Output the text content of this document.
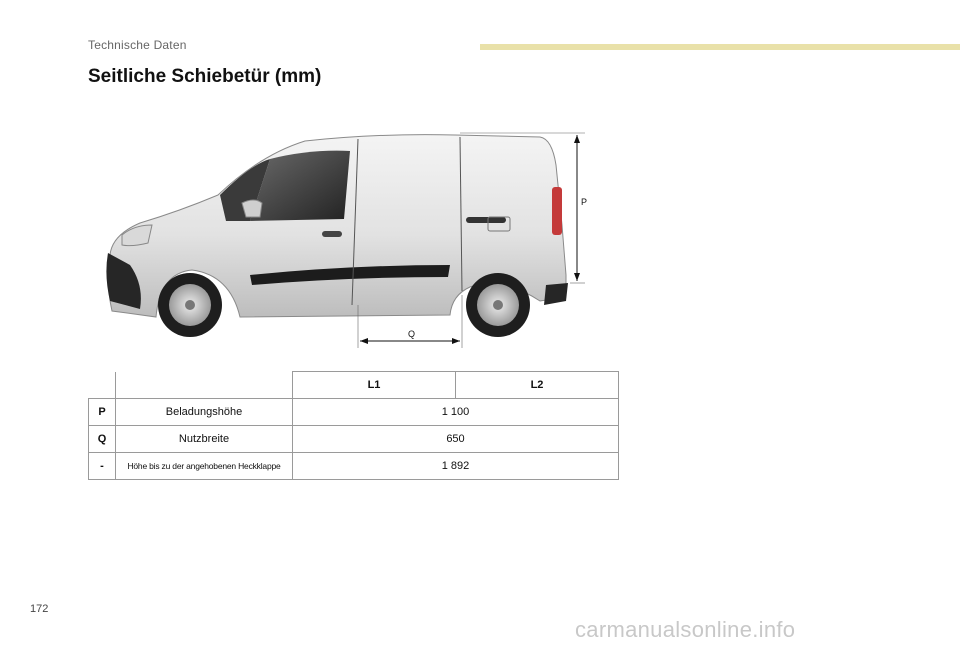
Technische Daten
Seitliche Schiebetür (mm)
P
Q
		L1	L2
P	Beladungshöhe	1 100	
Q	Nutzbreite	650	
-	Höhe bis zu der angehobenen Heckklappe	1 892	
172
carmanualsonline.info
